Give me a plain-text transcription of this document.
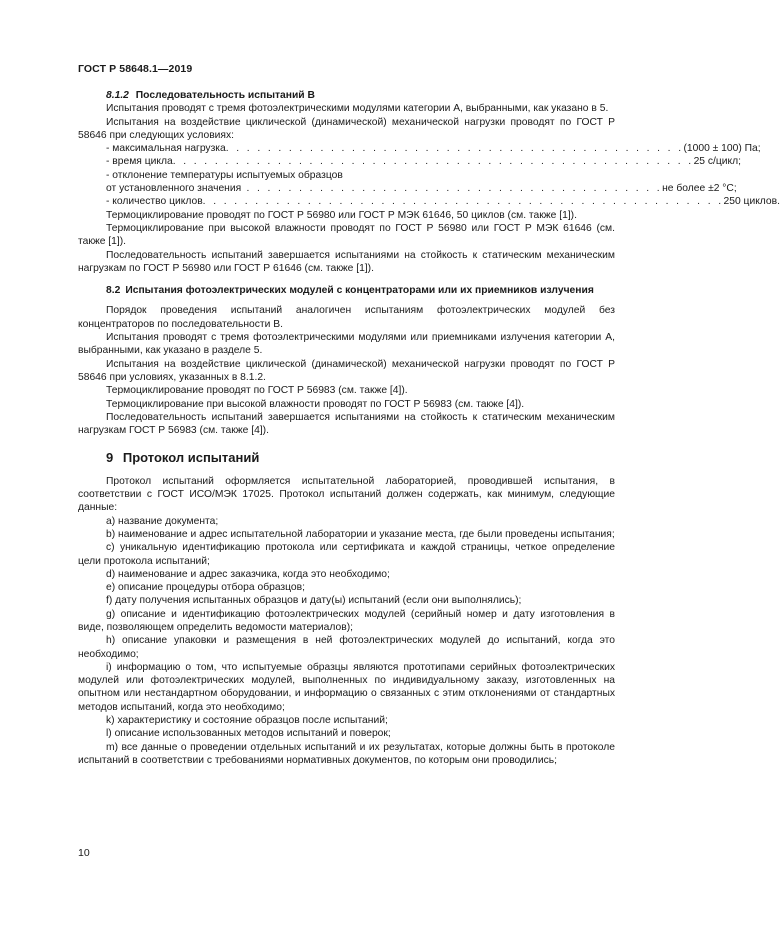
ГОСТ Р 58648.1—2019
8.1.2 Последовательность испытаний В

Испытания проводят с тремя фотоэлектрическими модулями категории А, выбранными, как указано в 5.

Испытания на воздействие циклической (динамической) механической нагрузки проводят по ГОСТ Р 58646 при следующих условиях:

- максимальная нагрузка . . . . . . . . . . . . . . . . . . . . . . . . . . . . . . . . . . . . . . . . . . . . (1000 ± 100) Па;
- время цикла . . . . . . . . . . . . . . . . . . . . . . . . . . . . . . . . . . . . . . . . . . . . . . . . . . 25 с/цикл;
- отклонение температуры испытуемых образцов
от установленного значения . . . . . . . . . . . . . . . . . . . . . . . . . . . . . . . . . . . . . . . . не более ±2 °C;
- количество циклов . . . . . . . . . . . . . . . . . . . . . . . . . . . . . . . . . . . . . . . . . . . . . . . . . . 250 циклов.

Термоциклирование проводят по ГОСТ Р 56980 или ГОСТ Р МЭК 61646, 50 циклов (см. также [1]).

Термоциклирование при высокой влажности проводят по ГОСТ Р 56980 или ГОСТ Р МЭК 61646 (см. также [1]).

Последовательность испытаний завершается испытаниями на стойкость к статическим механическим нагрузкам по ГОСТ Р 56980 или ГОСТ Р 61646 (см. также [1]).

8.2 Испытания фотоэлектрических модулей с концентраторами или их приемников излучения

Порядок проведения испытаний аналогичен испытаниям фотоэлектрических модулей без концентраторов по последовательности В.

Испытания проводят с тремя фотоэлектрическими модулями или приемниками излучения категории А, выбранными, как указано в разделе 5.

Испытания на воздействие циклической (динамической) механической нагрузки проводят по ГОСТ Р 58646 при условиях, указанных в 8.1.2.

Термоциклирование проводят по ГОСТ Р 56983 (см. также [4]).

Термоциклирование при высокой влажности проводят по ГОСТ Р 56983 (см. также [4]).

Последовательность испытаний завершается испытаниями на стойкость к статическим механическим нагрузкам ГОСТ Р 56983 (см. также [4]).

9 Протокол испытаний

Протокол испытаний оформляется испытательной лабораторией, проводившей испытания, в соответствии с ГОСТ ИСО/МЭК 17025. Протокол испытаний должен содержать, как минимум, следующие данные:

а) название документа;

b) наименование и адрес испытательной лаборатории и указание места, где были проведены испытания;

c) уникальную идентификацию протокола или сертификата и каждой страницы, четкое определение цели протокола испытаний;

d) наименование и адрес заказчика, когда это необходимо;

e) описание процедуры отбора образцов;

f) дату получения испытанных образцов и дату(ы) испытаний (если они выполнялись);

g) описание и идентификацию фотоэлектрических модулей (серийный номер и дату изготовления в виде, позволяющем определить ведомости материалов);

h) описание упаковки и размещения в ней фотоэлектрических модулей до испытаний, когда это необходимо;

i) информацию о том, что испытуемые образцы являются прототипами серийных фотоэлектрических модулей или фотоэлектрических модулей, выполненных по индивидуальному заказу, изготовленных на опытном или нестандартном оборудовании, и информацию о связанных с этим отклонениями от стандартных методов испытаний, когда это необходимо;

k) характеристику и состояние образцов после испытаний;

l) описание использованных методов испытаний и поверок;

m) все данные о проведении отдельных испытаний и их результатах, которые должны быть в протоколе испытаний в соответствии с требованиями нормативных документов, по которым они проводились;

10
